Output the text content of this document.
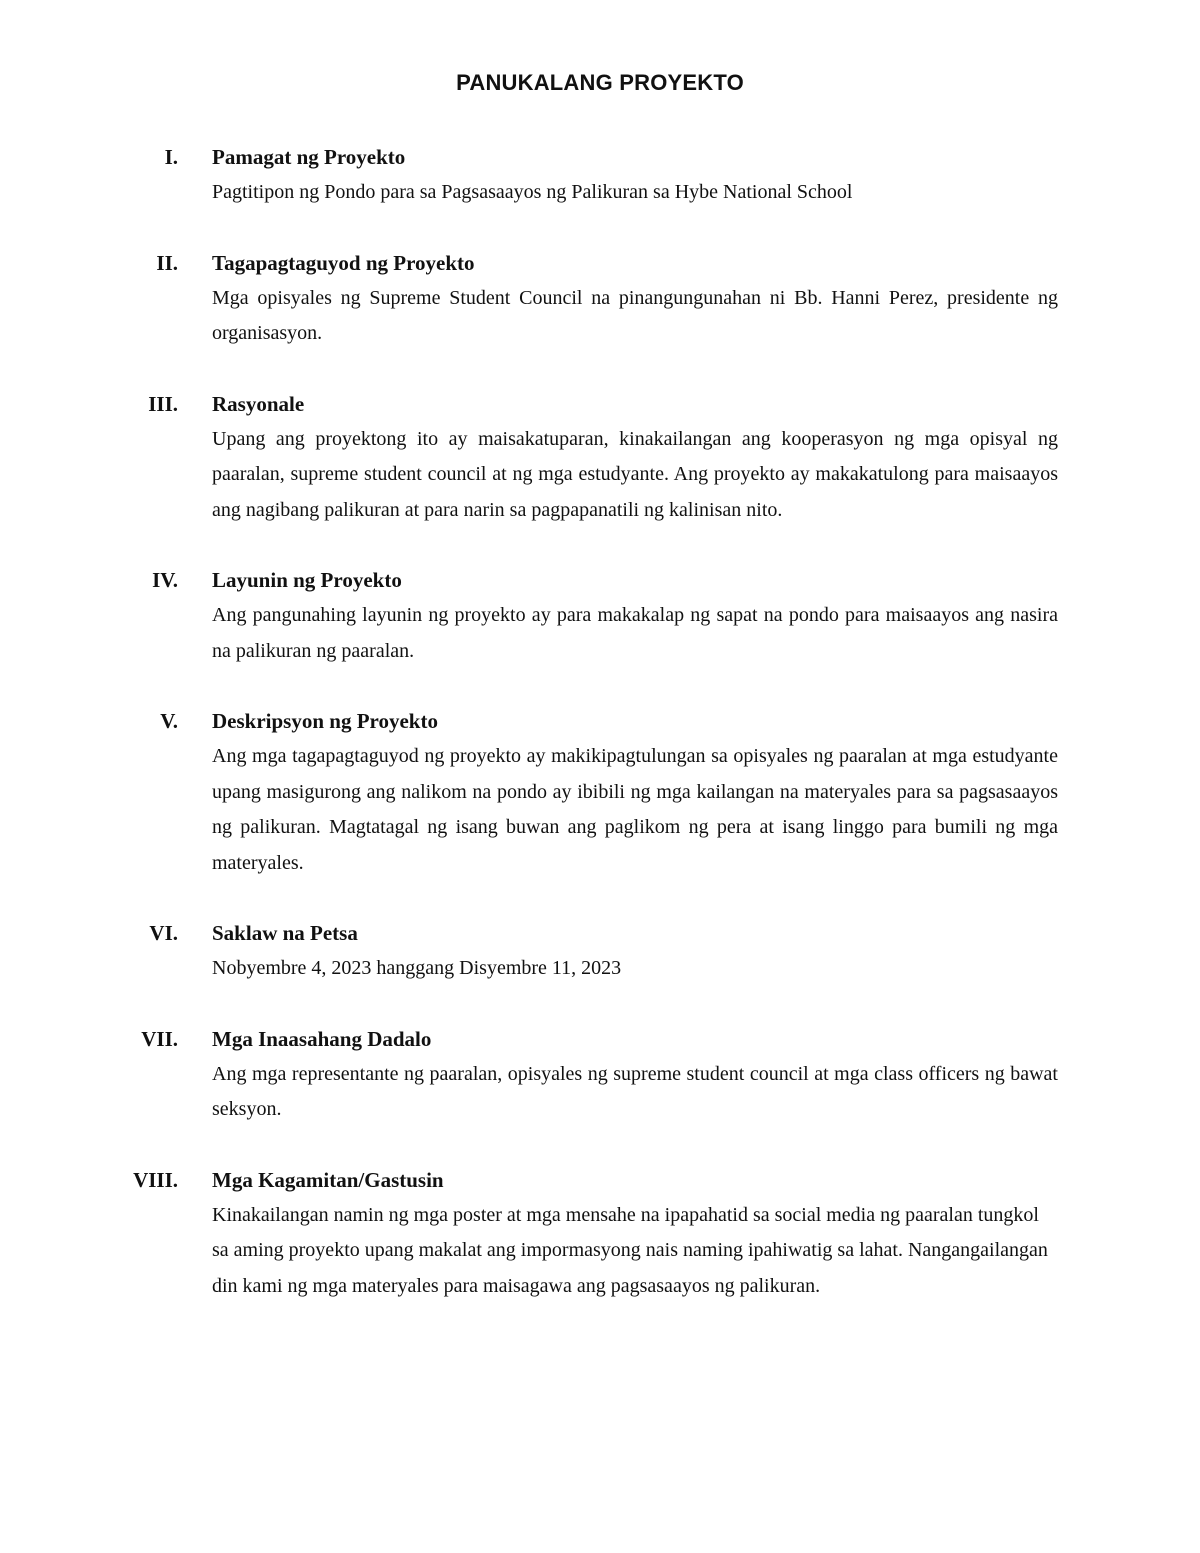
PANUKALANG PROYEKTO
I. Pamagat ng Proyekto
Pagtitipon ng Pondo para sa Pagsasaayos ng Palikuran sa Hybe National School
II. Tagapagtaguyod ng Proyekto
Mga opisyales ng Supreme Student Council na pinangungunahan ni Bb. Hanni Perez, presidente ng organisasyon.
III. Rasyonale
Upang ang proyektong ito ay maisakatuparan, kinakailangan ang kooperasyon ng mga opisyal ng paaralan, supreme student council at ng mga estudyante. Ang proyekto ay makakatulong para maisaayos ang nagibang palikuran at para narin sa pagpapanatili ng kalinisan nito.
IV. Layunin ng Proyekto
Ang pangunahing layunin ng proyekto ay para makakalap ng sapat na pondo para maisaayos ang nasira na palikuran ng paaralan.
V. Deskripsyon ng Proyekto
Ang mga tagapagtaguyod ng proyekto ay makikipagtulungan sa opisyales ng paaralan at mga estudyante upang masigurong ang nalikom na pondo ay ibibili ng mga kailangan na materyales para sa pagsasaayos ng palikuran. Magtatagal ng isang buwan ang paglikom ng pera at isang linggo para bumili ng mga materyales.
VI. Saklaw na Petsa
Nobyembre 4, 2023 hanggang Disyembre 11, 2023
VII. Mga Inaasahang Dadalo
Ang mga representante ng paaralan, opisyales ng supreme student council at mga class officers ng bawat seksyon.
VIII. Mga Kagamitan/Gastusin
Kinakailangan namin ng mga poster at mga mensahe na ipapahatid sa social media ng paaralan tungkol sa aming proyekto upang makalat ang impormasyong nais naming ipahiwatig sa lahat. Nangangailangan din kami ng mga materyales para maisagawa ang pagsasaayos ng palikuran.
